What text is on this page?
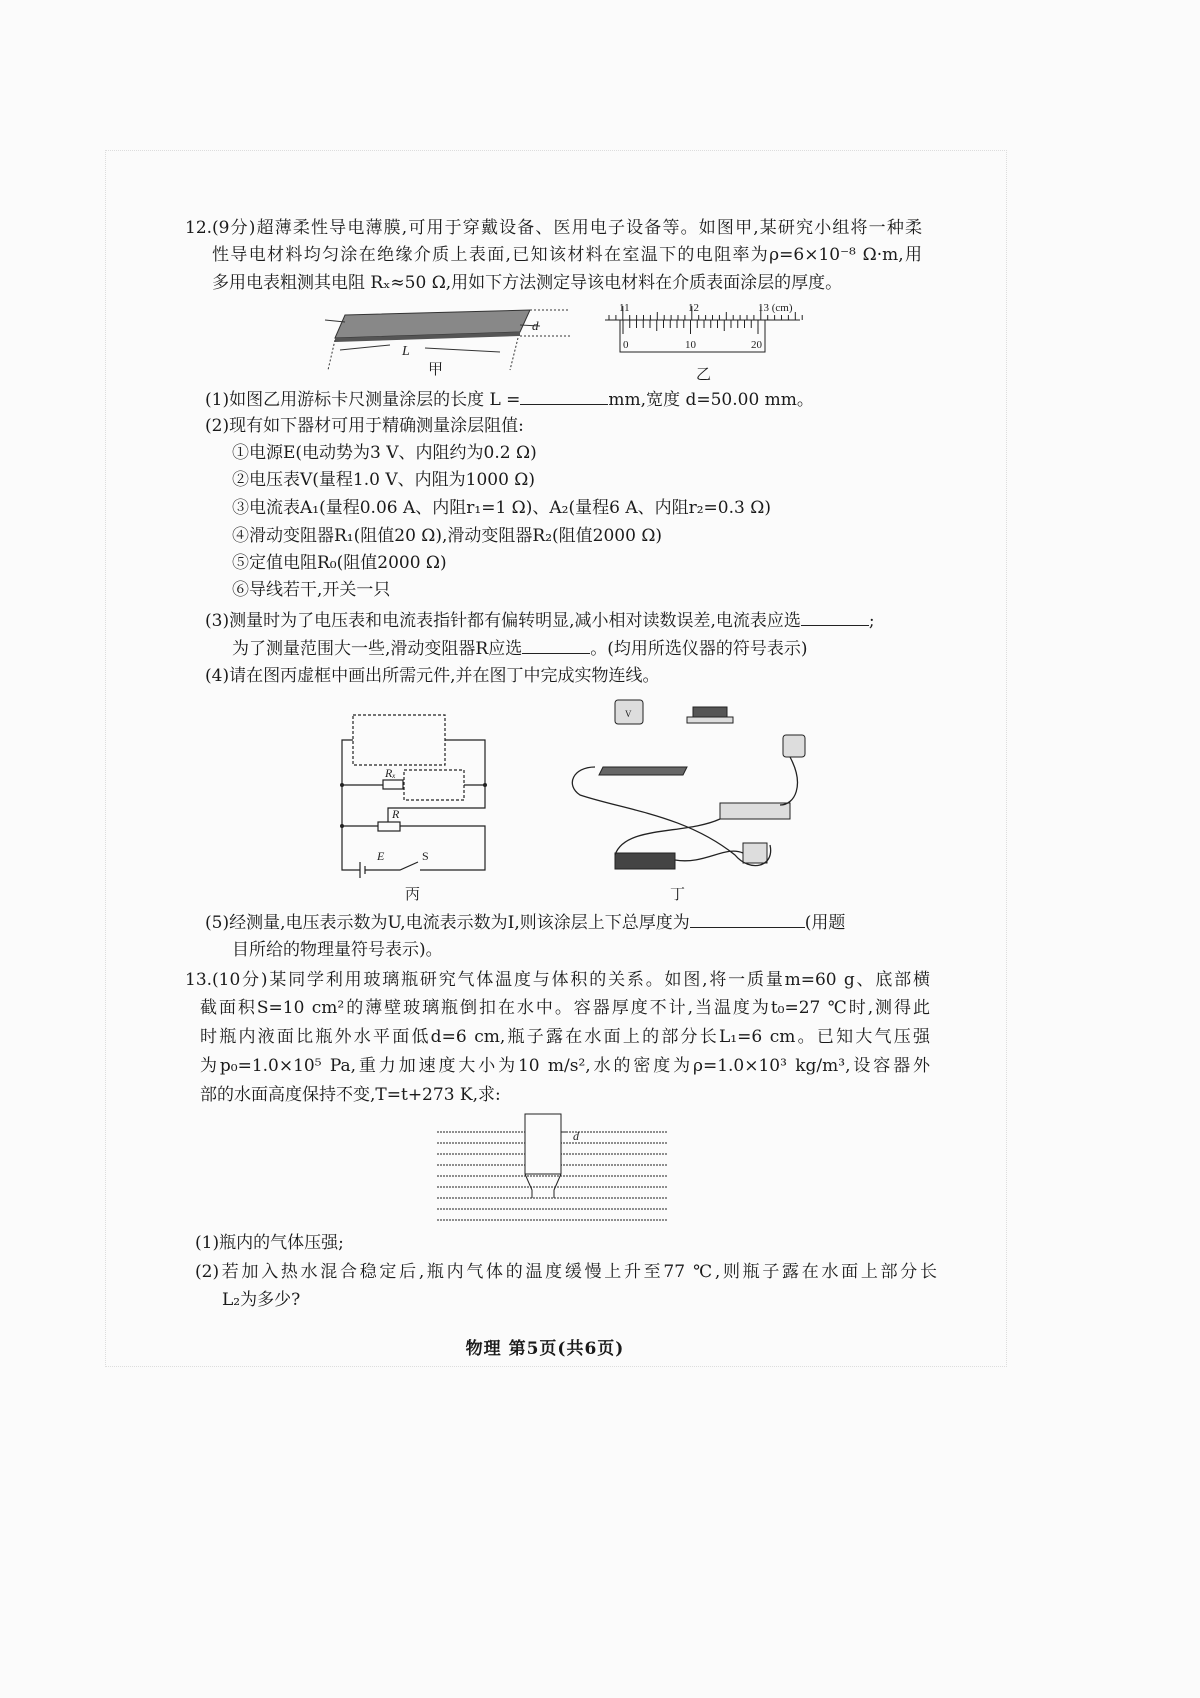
12.(9分)超薄柔性导电薄膜,可用于穿戴设备、医用电子设备等。如图甲,某研究小组将一种柔
性导电材料均匀涂在绝缘介质上表面,已知该材料在室温下的电阻率为ρ=6×10⁻⁸ Ω·m,用
多用电表粗测其电阻 Rₓ≈50 Ω,用如下方法测定导该电材料在介质表面涂层的厚度。
L
d
甲
11	12	13 (cm)
0	10	20
乙
(1)如图乙用游标卡尺测量涂层的长度 L =	mm,宽度 d=50.00 mm。
(2)现有如下器材可用于精确测量涂层阻值:
①电源E(电动势为3 V、内阻约为0.2 Ω)
②电压表V(量程1.0 V、内阻为1000 Ω)
③电流表A₁(量程0.06 A、内阻r₁=1 Ω)、A₂(量程6 A、内阻r₂=0.3 Ω)
④滑动变阻器R₁(阻值20 Ω),滑动变阻器R₂(阻值2000 Ω)
⑤定值电阻R₀(阻值2000 Ω)
⑥导线若干,开关一只
(3)测量时为了电压表和电流表指针都有偏转明显,减小相对读数误差,电流表应选	;
为了测量范围大一些,滑动变阻器R应选	。(均用所选仪器的符号表示)
(4)请在图丙虚框中画出所需元件,并在图丁中完成实物连线。
Rₓ
R
E	S
丙
V
丁
(5)经测量,电压表示数为U,电流表示数为I,则该涂层上下总厚度为	(用题
目所给的物理量符号表示)。
13.(10分)某同学利用玻璃瓶研究气体温度与体积的关系。如图,将一质量m=60 g、底部横
截面积S=10 cm²的薄壁玻璃瓶倒扣在水中。容器厚度不计,当温度为t₀=27 ℃时,测得此
时瓶内液面比瓶外水平面低d=6 cm,瓶子露在水面上的部分长L₁=6 cm。已知大气压强
为p₀=1.0×10⁵ Pa,重力加速度大小为10 m/s²,水的密度为ρ=1.0×10³ kg/m³,设容器外
部的水面高度保持不变,T=t+273 K,求:
d
(1)瓶内的气体压强;
(2)若加入热水混合稳定后,瓶内气体的温度缓慢上升至77 ℃,则瓶子露在水面上部分长
L₂为多少?
物理 第5页(共6页)
